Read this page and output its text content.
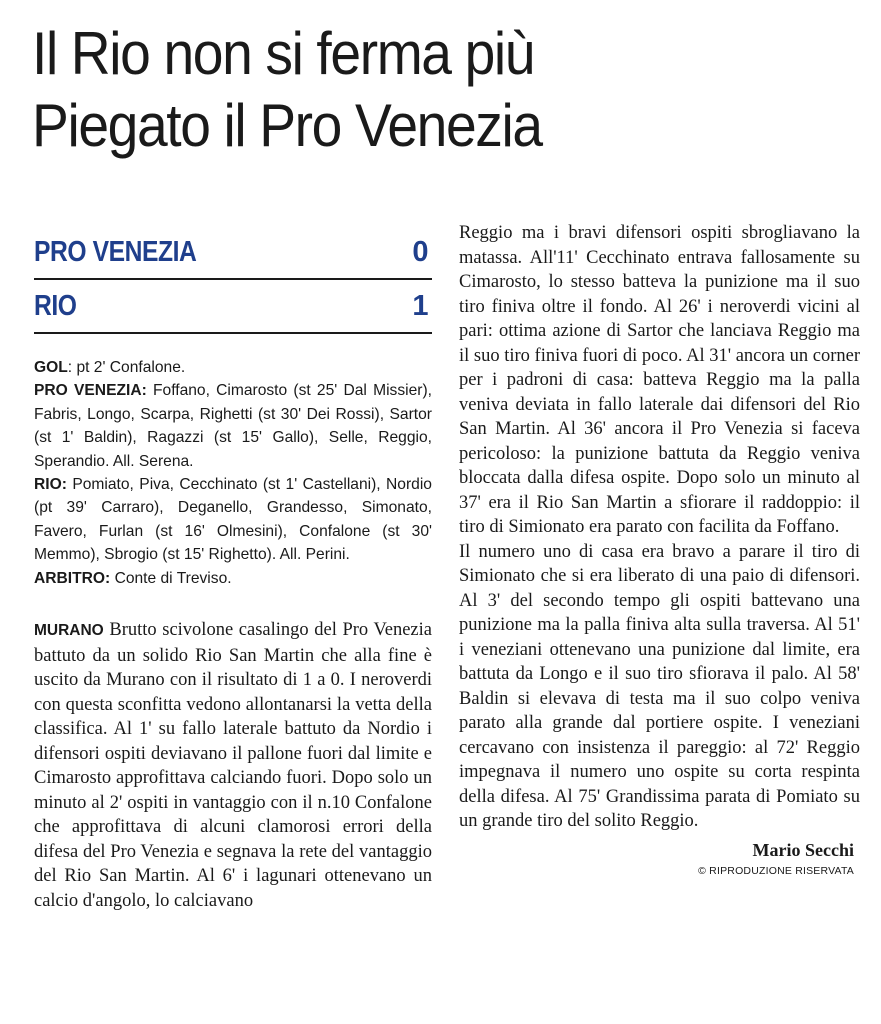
Il Rio non si ferma più
Piegato il Pro Venezia
PRO VENEZIA	0
RIO	1

GOL: pt 2' Confalone.

PRO VENEZIA: Foffano, Cimarosto (st 25' Dal Missier), Fabris, Longo, Scarpa, Righetti (st 30' Dei Rossi), Sartor (st 1' Baldin), Ragazzi (st 15' Gallo), Selle, Reggio, Sperandio. All. Serena.

RIO: Pomiato, Piva, Cecchinato (st 1' Castellani), Nordio (pt 39' Carraro), Deganello, Grandesso, Simonato, Favero, Furlan (st 16' Olmesini), Confalone (st 30' Memmo), Sbrogio (st 15' Righetto). All. Perini.

ARBITRO: Conte di Treviso.

MURANO Brutto scivolone casalingo del Pro Venezia battuto da un solido Rio San Martin che alla fine è uscito da Murano con il risultato di 1 a 0. I neroverdi con questa sconfitta vedono allontanarsi la vetta della classifica. Al 1' su fallo laterale battuto da Nordio i difensori ospiti deviavano il pallone fuori dal limite e Cimarosto approfittava calciando fuori. Dopo solo un minuto al 2' ospiti in vantaggio con il n.10 Confalone che approfittava di alcuni clamorosi errori della difesa del Pro Venezia e segnava la rete del vantaggio del Rio San Martin. Al 6' i lagunari ottenevano un calcio d'angolo, lo calciavano

Reggio ma i bravi difensori ospiti sbrogliavano la matassa. All'11' Cecchinato entrava fallosamente su Cimarosto, lo stesso batteva la punizione ma il suo tiro finiva oltre il fondo. Al 26' i neroverdi vicini al pari: ottima azione di Sartor che lanciava Reggio ma il suo tiro finiva fuori di poco. Al 31' ancora un corner per i padroni di casa: batteva Reggio ma la palla veniva deviata in fallo laterale dai difensori del Rio San Martin. Al 36' ancora il Pro Venezia si faceva pericoloso: la punizione battuta da Reggio veniva bloccata dalla difesa ospite. Dopo solo un minuto al 37' era il Rio San Martin a sfiorare il raddoppio: il tiro di Simionato era parato con facilita da Foffano.

Il numero uno di casa era bravo a parare il tiro di Simionato che si era liberato di una paio di difensori. Al 3' del secondo tempo gli ospiti battevano una punizione ma la palla finiva alta sulla traversa. Al 51' i veneziani ottenevano una punizione dal limite, era battuta da Longo e il suo tiro sfiorava il palo. Al 58' Baldin si elevava di testa ma il suo colpo veniva parato alla grande dal portiere ospite. I veneziani cercavano con insistenza il pareggio: al 72' Reggio impegnava il numero uno ospite su corta respinta della difesa. Al 75' Grandissima parata di Pomiato su un grande tiro del solito Reggio.

Mario Secchi
© RIPRODUZIONE RISERVATA
